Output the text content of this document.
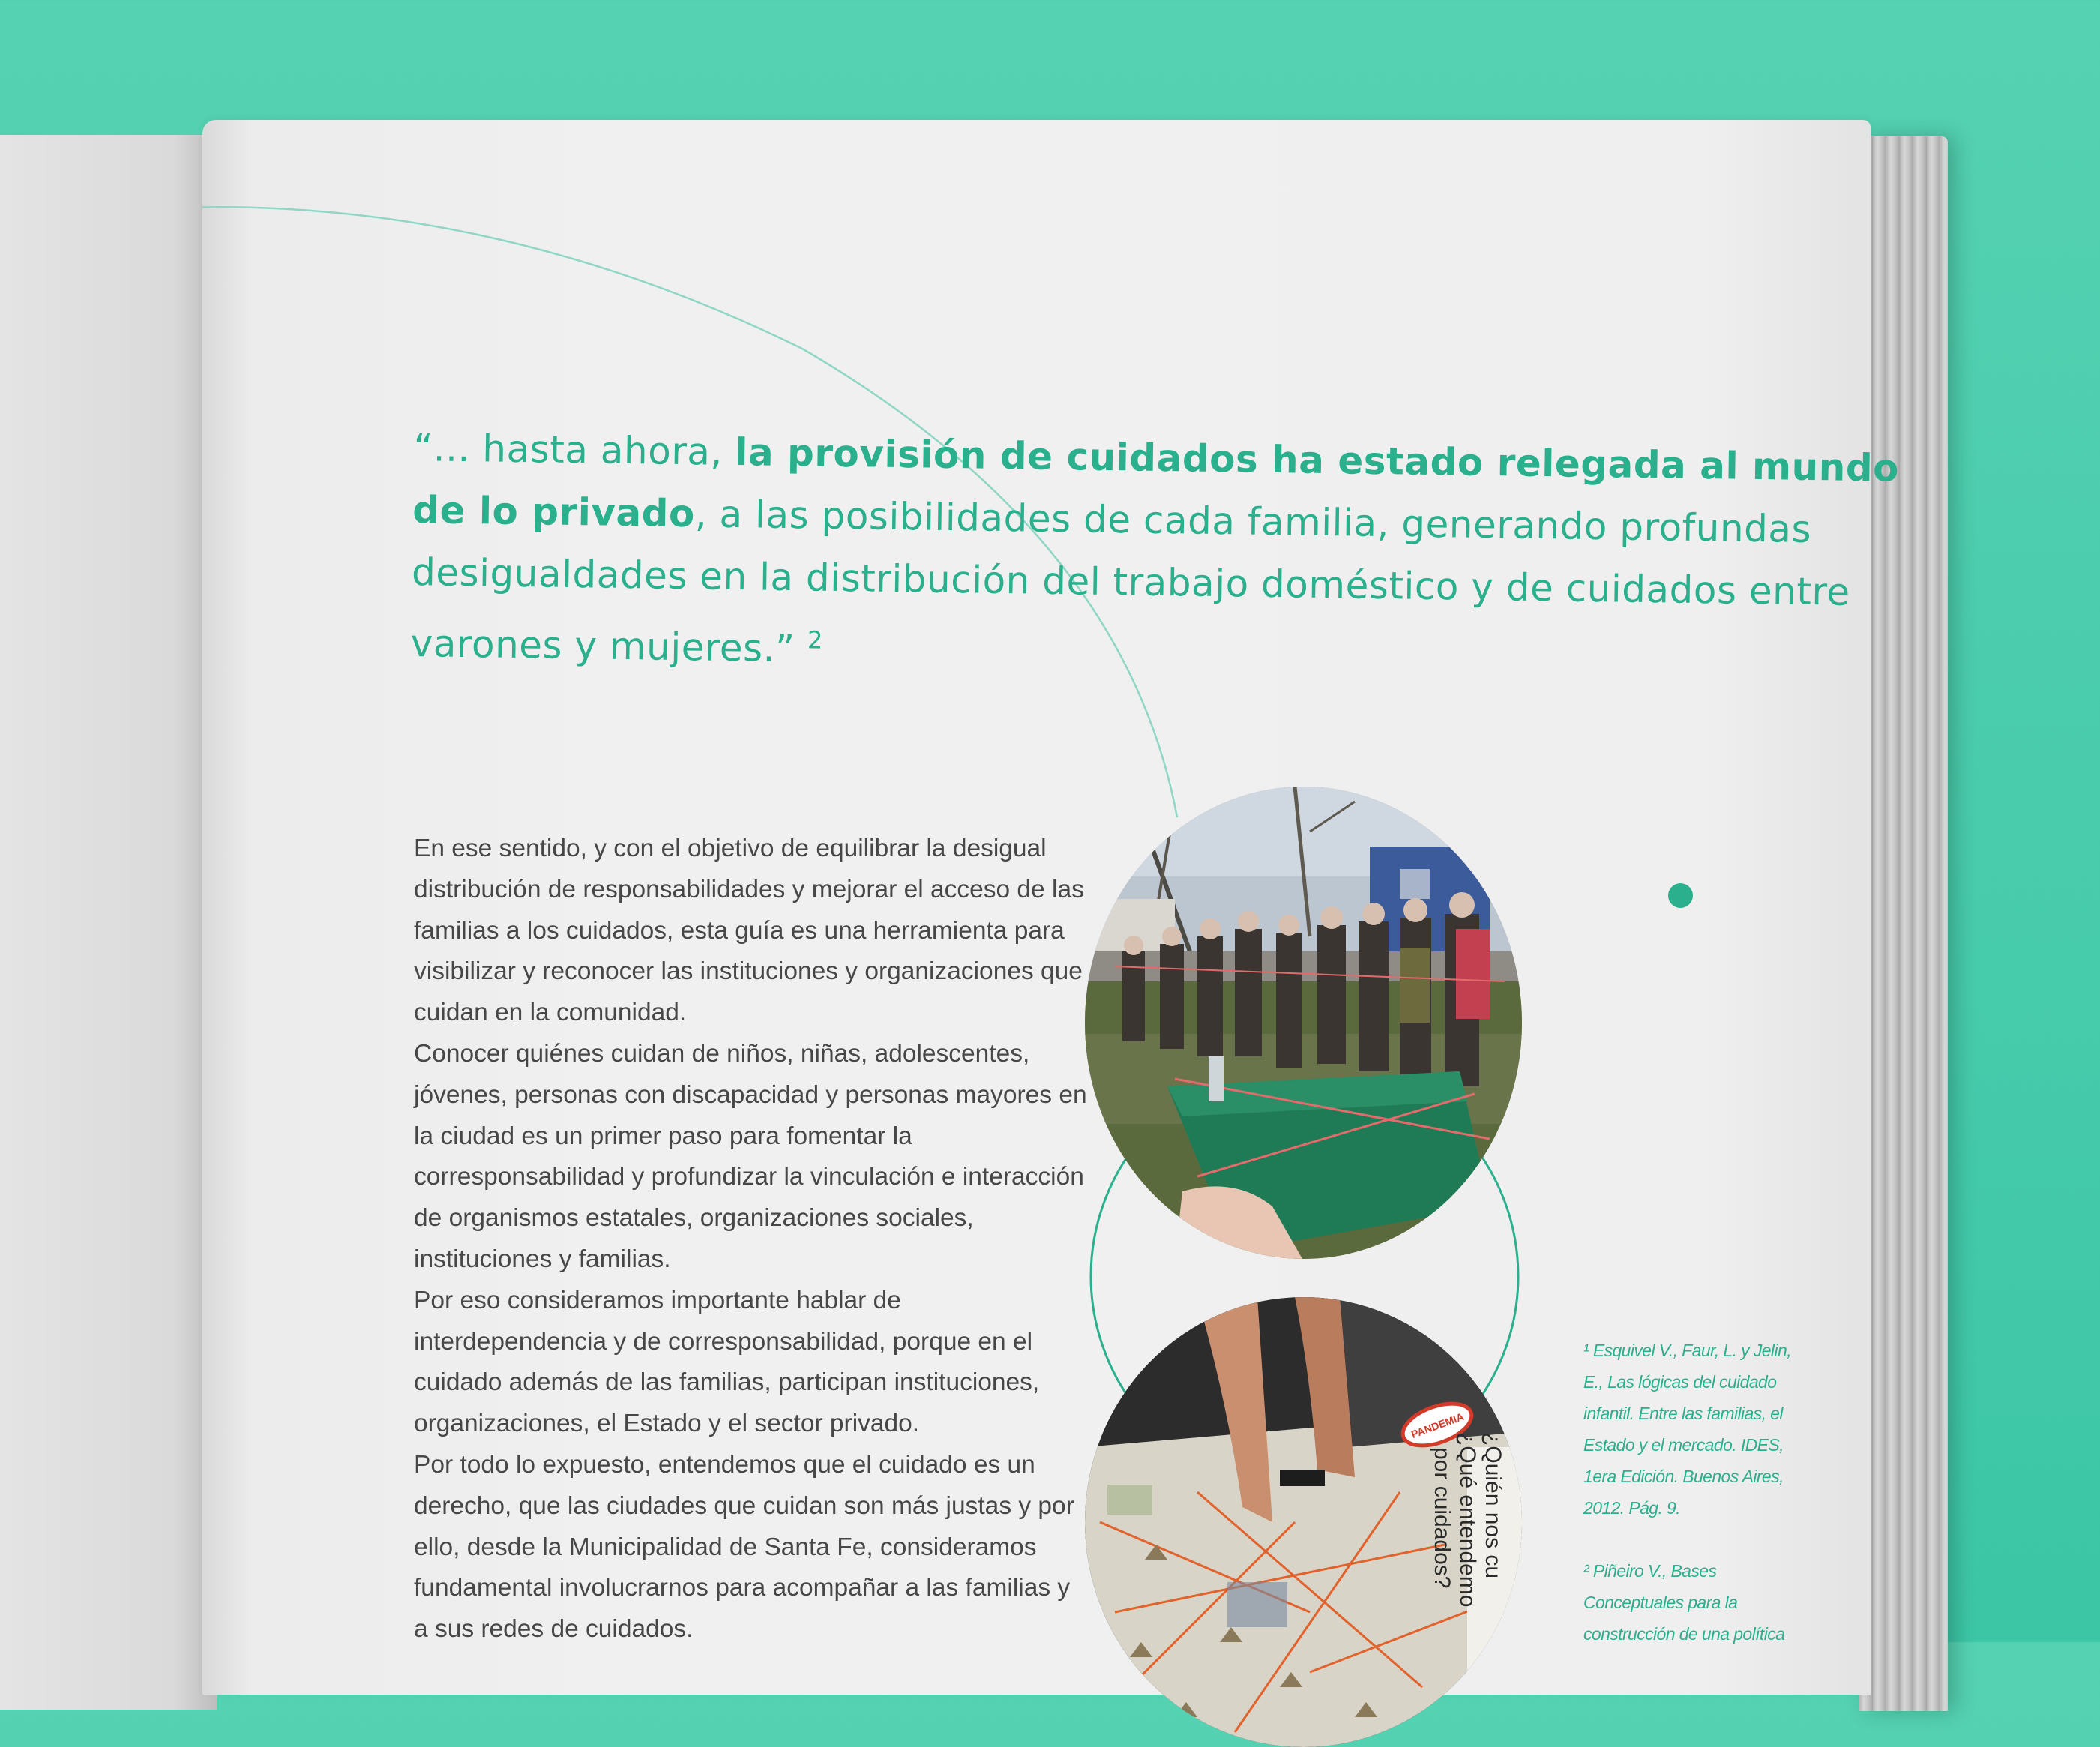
“... hasta ahora, la provisión de cuidados ha estado relegada al mundo de lo privado, a las posibilidades de cada familia, generando profundas desigualdades en la distribución del trabajo doméstico y de cuidados entre varones y mujeres.” $^2$

En ese sentido, y con el objetivo de equilibrar la desigual distribución de responsabilidades y mejorar el acceso de las familias a los cuidados, esta guía es una herramienta para visibilizar y reconocer las instituciones y organizaciones que cuidan en la comunidad.

Conocer quiénes cuidan de niños, niñas, adolescentes, jóvenes, personas con discapacidad y personas mayores en la ciudad es un primer paso para fomentar la corresponsabilidad y profundizar la vinculación e interacción de organismos estatales, organizaciones sociales, instituciones y familias.

Por eso consideramos importante hablar de interdependencia y de corresponsabilidad, porque en el cuidado además de las familias, participan instituciones, organizaciones, el Estado y el sector privado.

Por todo lo expuesto, entendemos que el cuidado es un derecho, que las ciudades que cuidan son más justas y por ello, desde la Municipalidad de Santa Fe, consideramos fundamental involucrarnos para acompañar a las familias y a sus redes de cuidados.

PANDEMIA
¿Quién nos cu
¿Qué entendemo
por cuidados?

¹ Esquivel V., Faur, L. y Jelin, E., Las lógicas del cuidado infantil. Entre las familias, el Estado y el mercado. IDES, 1era Edición. Buenos Aires, 2012. Pág. 9.

² Piñeiro V., Bases Conceptuales para la construcción de una política
